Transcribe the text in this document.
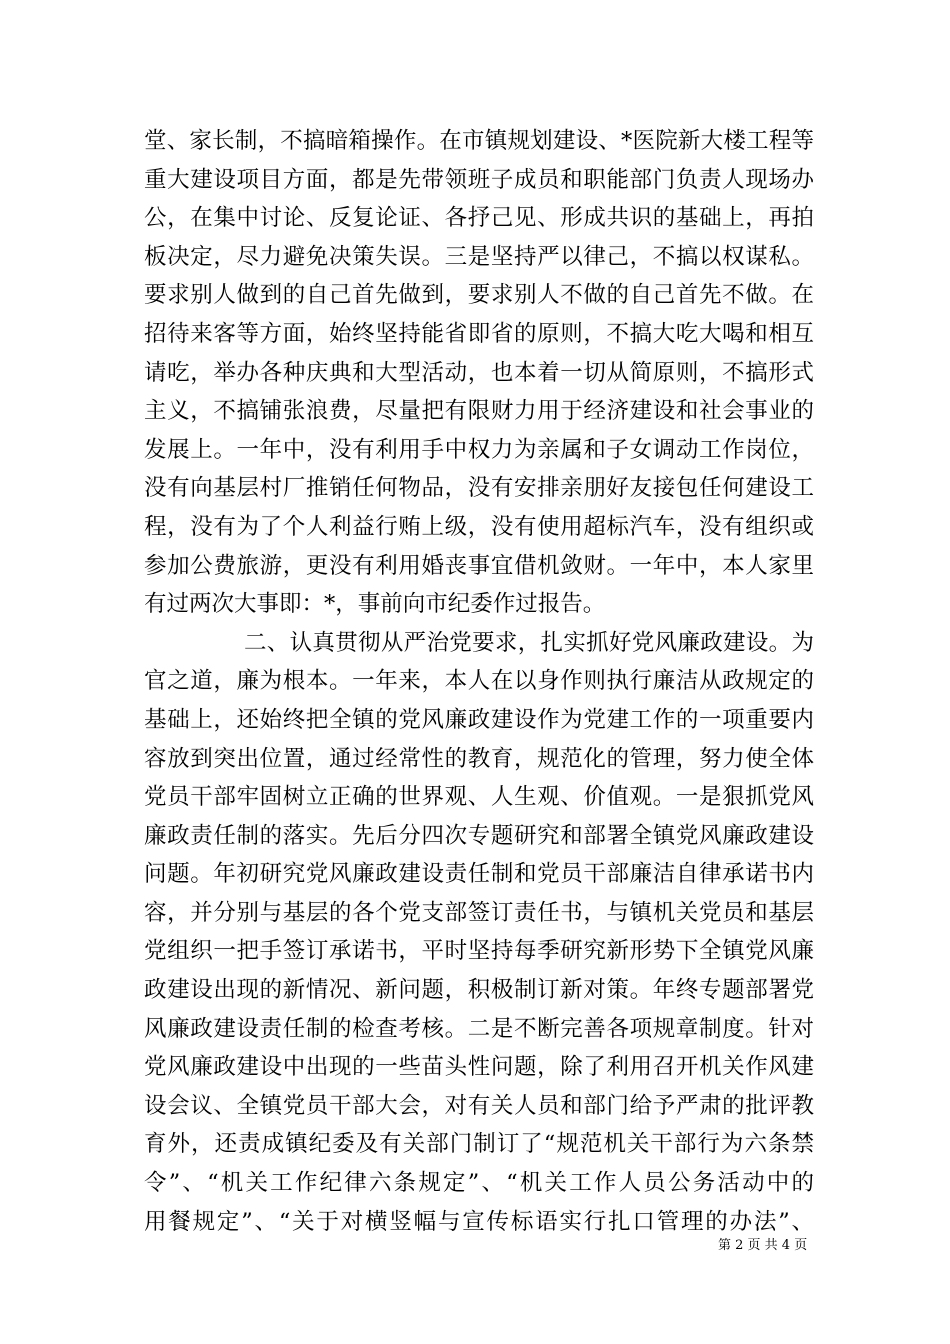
堂、家长制，不搞暗箱操作。在市镇规划建设、*医院新大楼工程等
重大建设项目方面，都是先带领班子成员和职能部门负责人现场办
公，在集中讨论、反复论证、各抒己见、形成共识的基础上，再拍
板决定，尽力避免决策失误。三是坚持严以律己，不搞以权谋私。
要求别人做到的自己首先做到，要求别人不做的自己首先不做。在
招待来客等方面，始终坚持能省即省的原则，不搞大吃大喝和相互
请吃，举办各种庆典和大型活动，也本着一切从简原则，不搞形式
主义，不搞铺张浪费，尽量把有限财力用于经济建设和社会事业的
发展上。一年中，没有利用手中权力为亲属和子女调动工作岗位，
没有向基层村厂推销任何物品，没有安排亲朋好友接包任何建设工
程，没有为了个人利益行贿上级，没有使用超标汽车，没有组织或
参加公费旅游，更没有利用婚丧事宜借机敛财。一年中，本人家里
有过两次大事即：*，事前向市纪委作过报告。
二、认真贯彻从严治党要求，扎实抓好党风廉政建设。为
官之道，廉为根本。一年来，本人在以身作则执行廉洁从政规定的
基础上，还始终把全镇的党风廉政建设作为党建工作的一项重要内
容放到突出位置，通过经常性的教育，规范化的管理，努力使全体
党员干部牢固树立正确的世界观、人生观、价值观。一是狠抓党风
廉政责任制的落实。先后分四次专题研究和部署全镇党风廉政建设
问题。年初研究党风廉政建设责任制和党员干部廉洁自律承诺书内
容，并分别与基层的各个党支部签订责任书，与镇机关党员和基层
党组织一把手签订承诺书，平时坚持每季研究新形势下全镇党风廉
政建设出现的新情况、新问题，积极制订新对策。年终专题部署党
风廉政建设责任制的检查考核。二是不断完善各项规章制度。针对
党风廉政建设中出现的一些苗头性问题，除了利用召开机关作风建
设会议、全镇党员干部大会，对有关人员和部门给予严肃的批评教
育外，还责成镇纪委及有关部门制订了“规范机关干部行为六条禁
令”、“机关工作纪律六条规定”、“机关工作人员公务活动中的
用餐规定”、“关于对横竖幅与宣传标语实行扎口管理的办法”、
第 2 页 共 4 页
